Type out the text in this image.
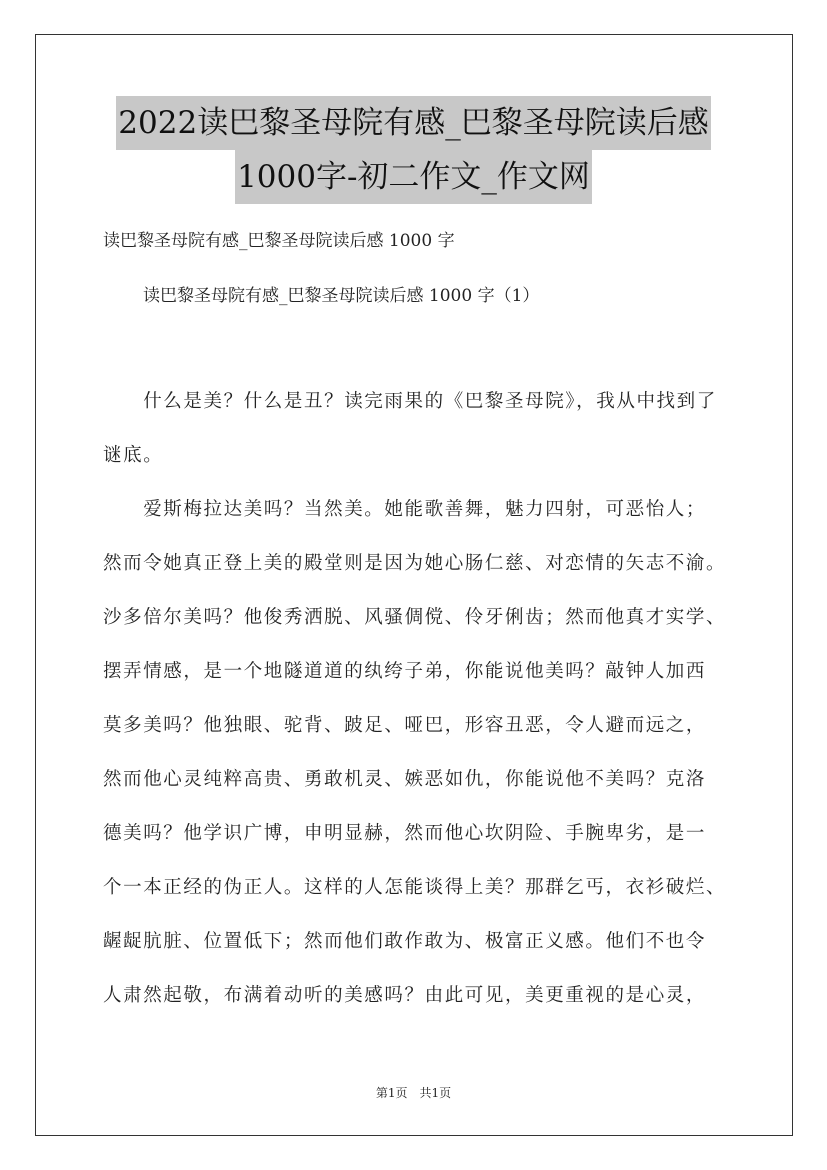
2022读巴黎圣母院有感_巴黎圣母院读后感
1000字-初二作文_作文网
读巴黎圣母院有感_巴黎圣母院读后感 1000 字
读巴黎圣母院有感_巴黎圣母院读后感 1000 字（1）
　　什么是美？什么是丑？读完雨果的《巴黎圣母院》，我从中找到了
谜底。
　　爱斯梅拉达美吗？当然美。她能歌善舞，魅力四射，可恶怡人；
然而令她真正登上美的殿堂则是因为她心肠仁慈、对恋情的矢志不渝。
沙多倍尔美吗？他俊秀洒脱、风骚倜傥、伶牙俐齿；然而他真才实学、
摆弄情感，是一个地隧道道的纨绔子弟，你能说他美吗？敲钟人加西
莫多美吗？他独眼、驼背、跛足、哑巴，形容丑恶，令人避而远之，
然而他心灵纯粹高贵、勇敢机灵、嫉恶如仇，你能说他不美吗？克洛
德美吗？他学识广博，申明显赫，然而他心坎阴险、手腕卑劣，是一
个一本正经的伪正人。这样的人怎能谈得上美？那群乞丐，衣衫破烂、
龌龊肮脏、位置低下；然而他们敢作敢为、极富正义感。他们不也令
人肃然起敬，布满着动听的美感吗？由此可见，美更重视的是心灵，
第1页　共1页
